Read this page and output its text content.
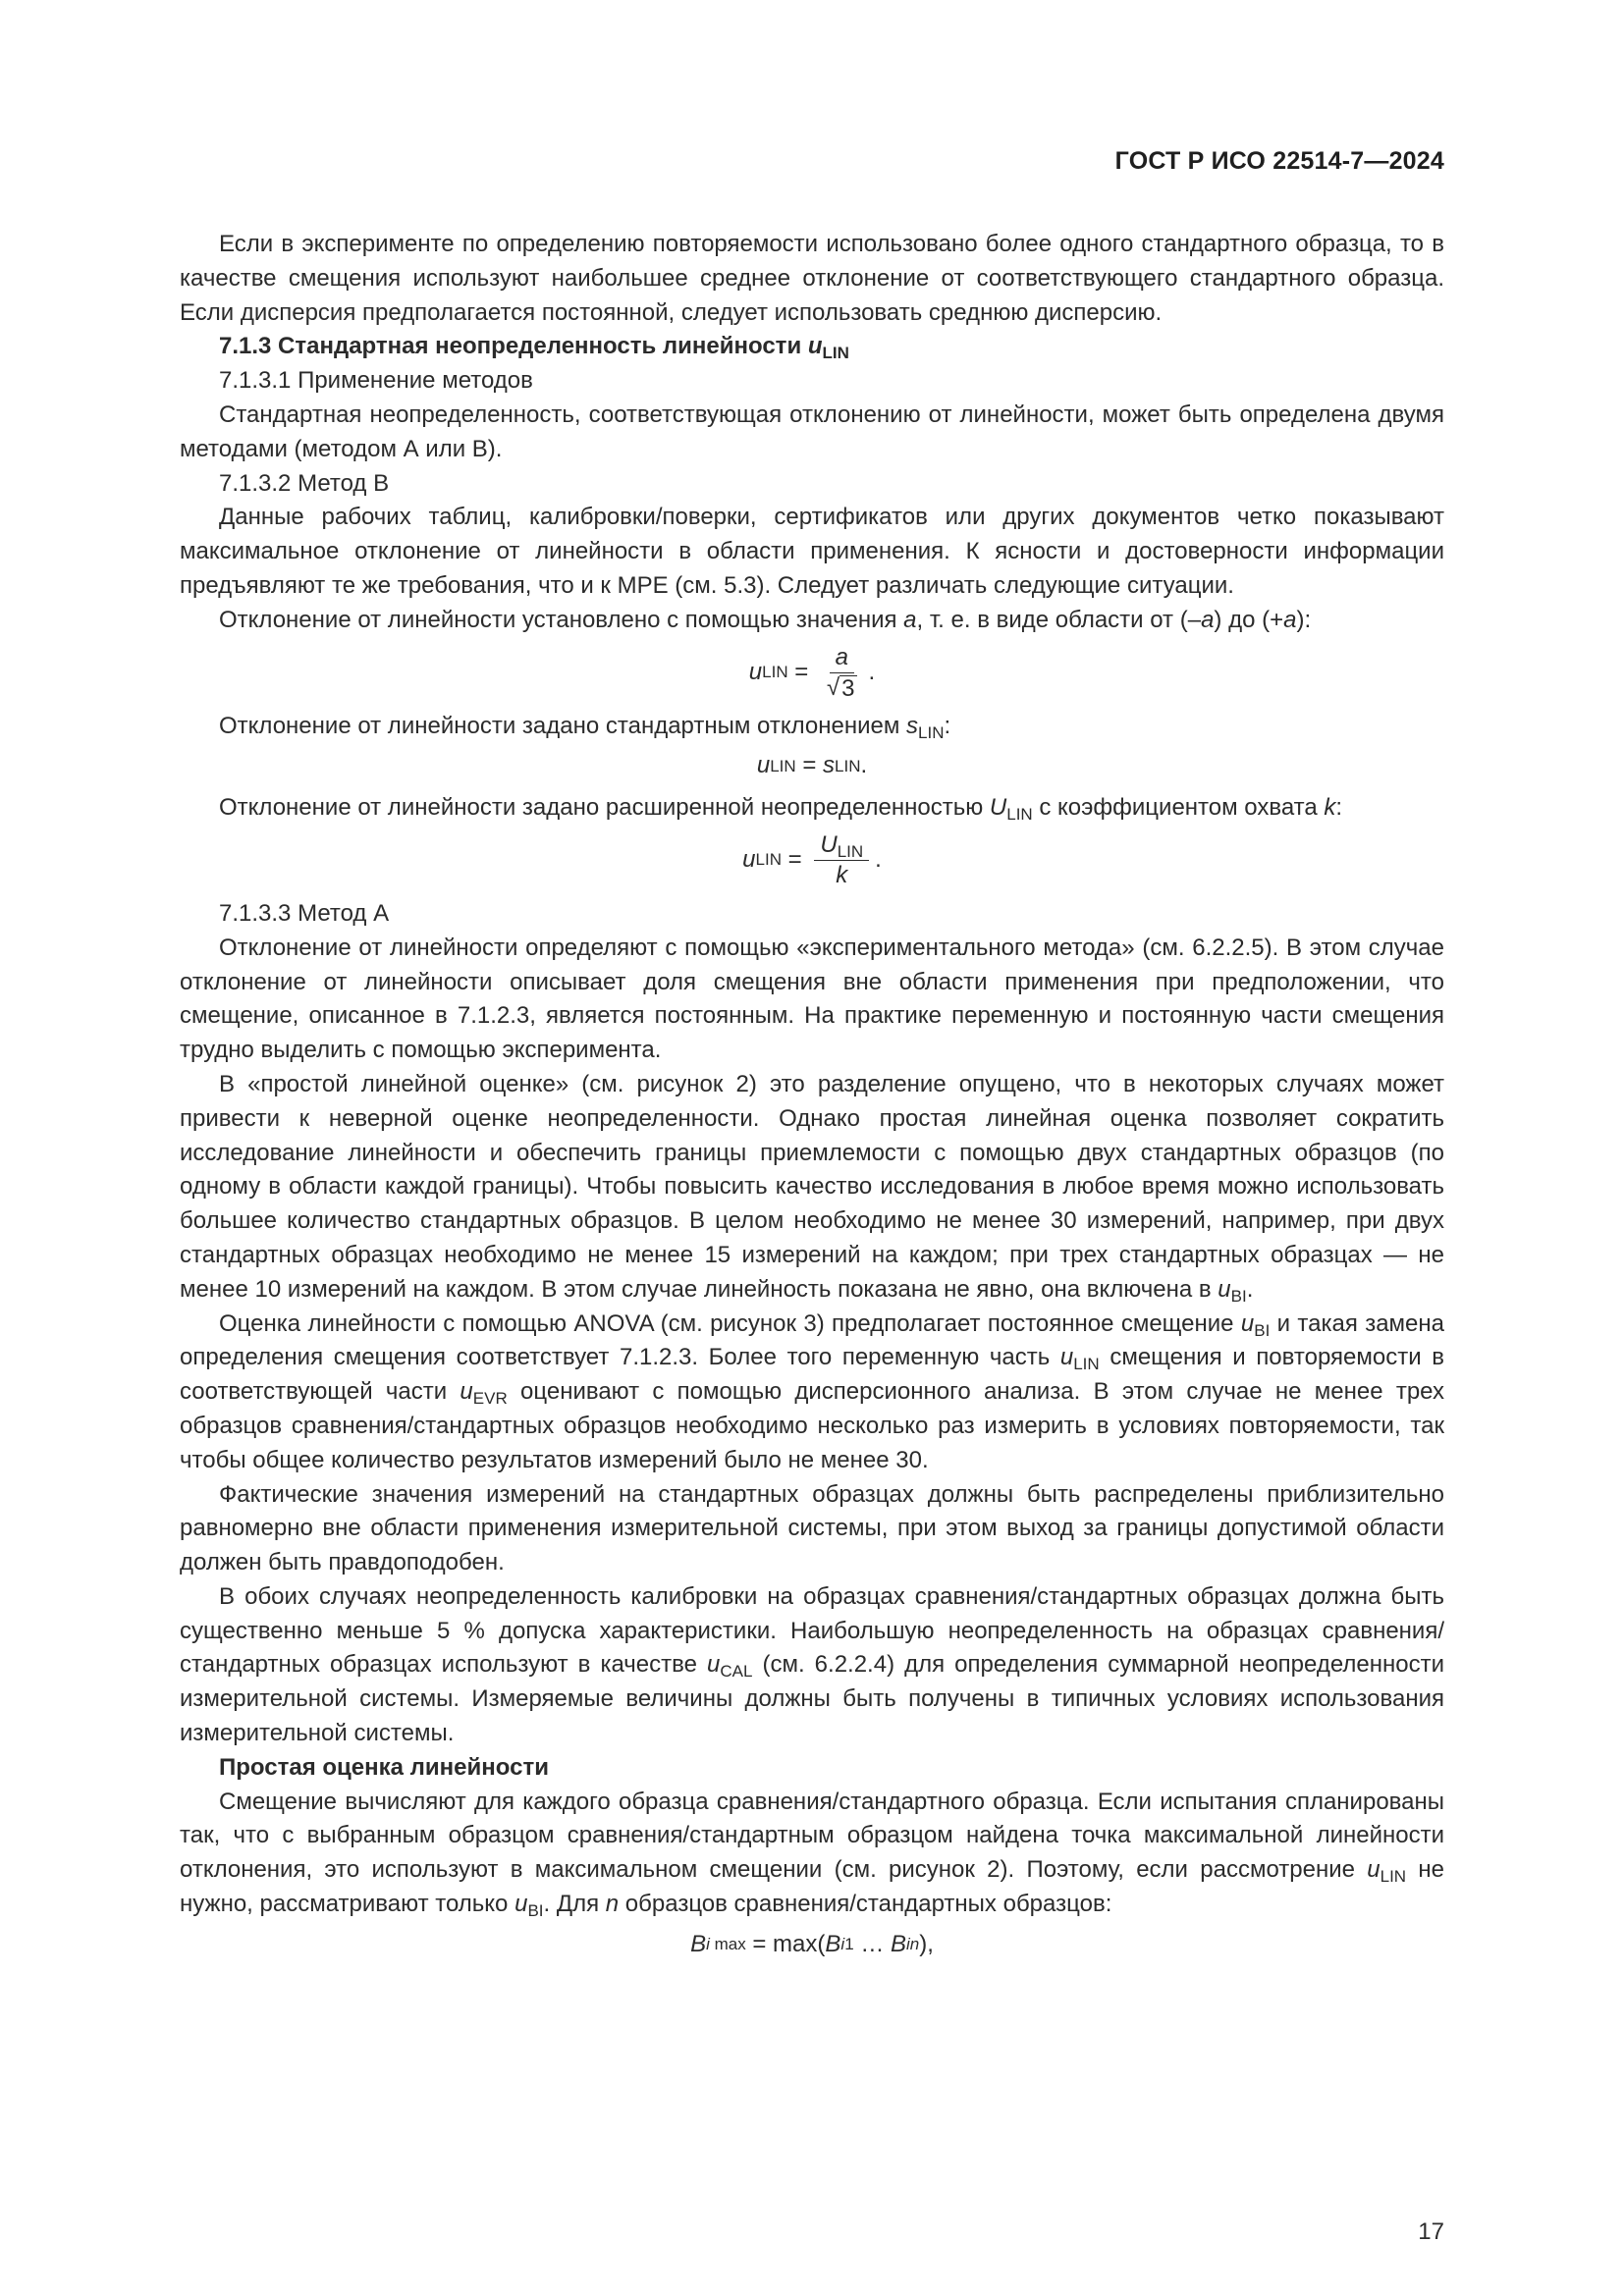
ГОСТ Р ИСО 22514-7—2024

Если в эксперименте по определению повторяемости использовано более одного стандартного образца, то в качестве смещения используют наибольшее среднее отклонение от соответствующего стандартного образца. Если дисперсия предполагается постоянной, следует использовать среднюю дисперсию.

7.1.3 Стандартная неопределенность линейности $u_{LIN}$

7.1.3.1 Применение методов

Стандартная неопределенность, соответствующая отклонению от линейности, может быть определена двумя методами (методом А или В).

7.1.3.2 Метод В

Данные рабочих таблиц, калибровки/поверки, сертификатов или других документов четко показывают максимальное отклонение от линейности в области применения. К ясности и достоверности информации предъявляют те же требования, что и к МРЕ (см. 5.3). Следует различать следующие ситуации.

Отклонение от линейности установлено с помощью значения a, т. е. в виде области от (–a) до (+a):

u LIN = $\frac{a}{√ 3}$ .

Отклонение от линейности задано стандартным отклонением $s_{LIN}$:

u LIN = s LIN .

Отклонение от линейности задано расширенной неопределенностью $U_{LIN}$ с коэффициентом охвата k:

u LIN = $\frac{U_{LIN}}{k}$ .

7.1.3.3 Метод А

Отклонение от линейности определяют с помощью «экспериментального метода» (см. 6.2.2.5). В этом случае отклонение от линейности описывает доля смещения вне области применения при предположении, что смещение, описанное в 7.1.2.3, является постоянным. На практике переменную и постоянную части смещения трудно выделить с помощью эксперимента.

В «простой линейной оценке» (см. рисунок 2) это разделение опущено, что в некоторых случаях может привести к неверной оценке неопределенности. Однако простая линейная оценка позволяет сократить исследование линейности и обеспечить границы приемлемости с помощью двух стандартных образцов (по одному в области каждой границы). Чтобы повысить качество исследования в любое время можно использовать большее количество стандартных образцов. В целом необходимо не менее 30 измерений, например, при двух стандартных образцах необходимо не менее 15 измерений на каждом; при трех стандартных образцах — не менее 10 измерений на каждом. В этом случае линейность показана не явно, она включена в $u_{BI}$.

Оценка линейности с помощью ANOVA (см. рисунок 3) предполагает постоянное смещение $u_{BI}$ и такая замена определения смещения соответствует 7.1.2.3. Более того переменную часть $u_{LIN}$ смещения и повторяемости в соответствующей части $u_{EVR}$ оценивают с помощью дисперсионного анализа. В этом случае не менее трех образцов сравнения/стандартных образцов необходимо несколько раз измерить в условиях повторяемости, так чтобы общее количество результатов измерений было не менее 30.

Фактические значения измерений на стандартных образцах должны быть распределены приблизительно равномерно вне области применения измерительной системы, при этом выход за границы допустимой области должен быть правдоподобен.

В обоих случаях неопределенность калибровки на образцах сравнения/стандартных образцах должна быть существенно меньше 5 % допуска характеристики. Наибольшую неопределенность на образцах сравнения/стандартных образцах используют в качестве $u_{CAL}$ (см. 6.2.2.4) для определения суммарной неопределенности измерительной системы. Измеряемые величины должны быть получены в типичных условиях использования измерительной системы.

Простая оценка линейности

Смещение вычисляют для каждого образца сравнения/стандартного образца. Если испытания спланированы так, что с выбранным образцом сравнения/стандартным образцом найдена точка максимальной линейности отклонения, это используют в максимальном смещении (см. рисунок 2). Поэтому, если рассмотрение $u_{LIN}$ не нужно, рассматривают только $u_{BI}$. Для n образцов сравнения/стандартных образцов:

B i max = max( B i1 … B in ),
17
